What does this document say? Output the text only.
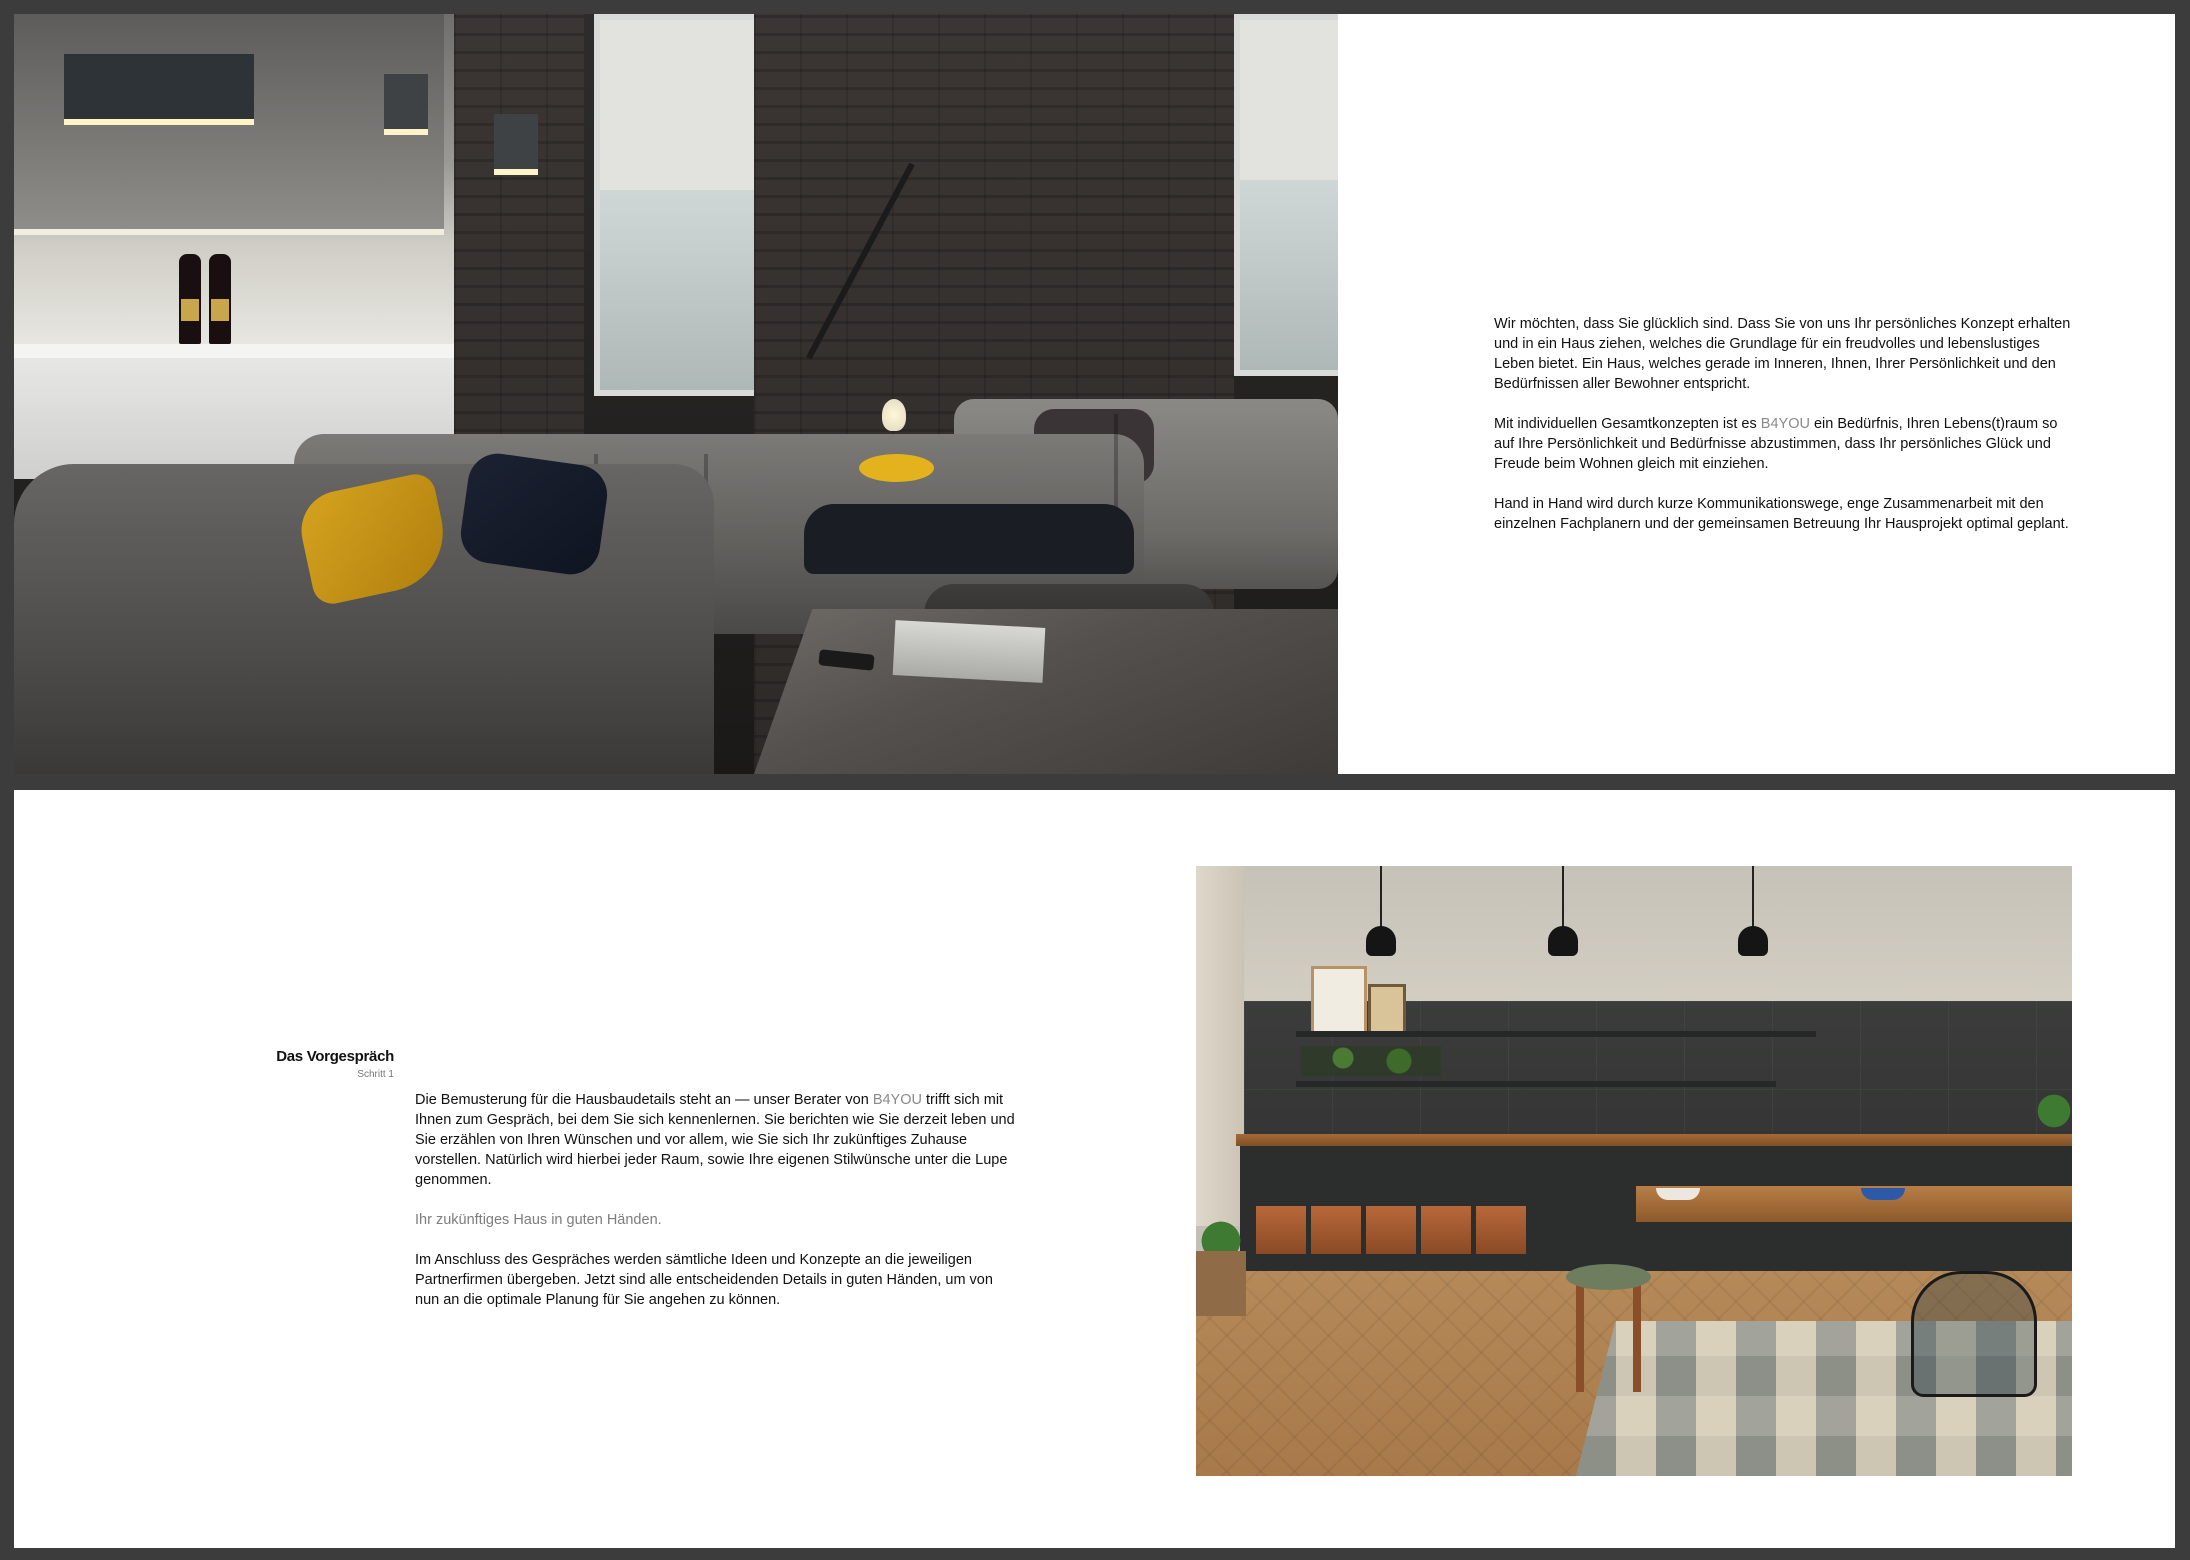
Wir möchten, dass Sie glücklich sind. Dass Sie von uns Ihr persönliches Konzept erhalten und in ein Haus ziehen, welches die Grundlage für ein freudvolles und lebenslustiges Leben bietet. Ein Haus, welches gerade im Inneren, Ihnen, Ihrer Persönlichkeit und den Bedürfnissen aller Bewohner entspricht.

Mit individuellen Gesamtkonzepten ist es B4YOU ein Bedürfnis, Ihren Lebens(t)raum so auf Ihre Persönlichkeit und Bedürfnisse abzustimmen, dass Ihr persönliches Glück und Freude beim Wohnen gleich mit einziehen.

Hand in Hand wird durch kurze Kommunikationswege, enge Zusammenarbeit mit den einzelnen Fachplanern und der gemeinsamen Betreuung Ihr Hausprojekt optimal geplant.

Das Vorgespräch
Schritt 1

Die Bemusterung für die Hausbaudetails steht an — unser Berater von B4YOU trifft sich mit Ihnen zum Gespräch, bei dem Sie sich kennenlernen. Sie berichten wie Sie derzeit leben und Sie erzählen von Ihren Wünschen und vor allem, wie Sie sich Ihr zukünftiges Zuhause vorstellen. Natürlich wird hierbei jeder Raum, sowie Ihre eigenen Stilwünsche unter die Lupe genommen.

Ihr zukünftiges Haus in guten Händen.

Im Anschluss des Gespräches werden sämtliche Ideen und Konzepte an die jeweiligen Partnerfirmen übergeben. Jetzt sind alle entscheidenden Details in guten Händen, um von nun an die optimale Planung für Sie angehen zu können.
